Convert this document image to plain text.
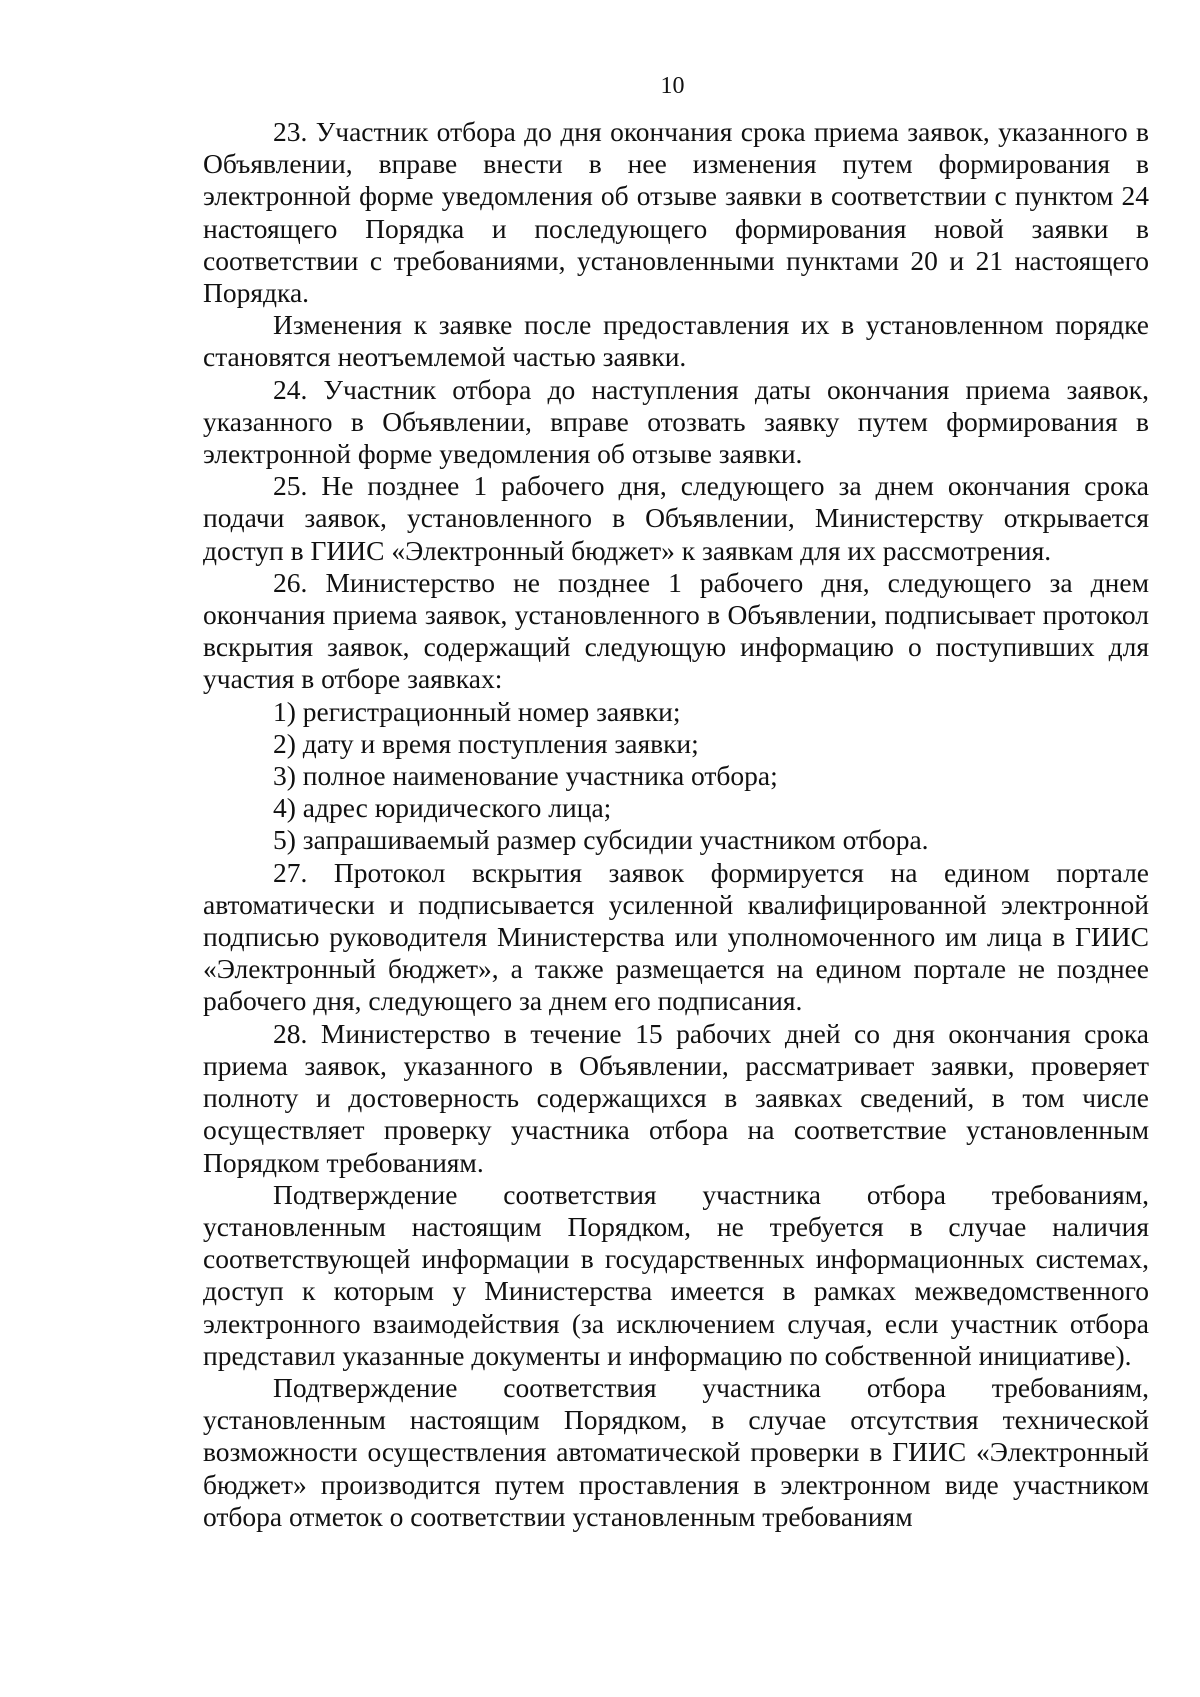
10

23. Участник отбора до дня окончания срока приема заявок, указанного в Объявлении, вправе внести в нее изменения путем формирования в электронной форме уведомления об отзыве заявки в соответствии с пунктом 24 настоящего Порядка и последующего формирования новой заявки в соответствии с требованиями, установленными пунктами 20 и 21 настоящего Порядка.

Изменения к заявке после предоставления их в установленном порядке становятся неотъемлемой частью заявки.

24. Участник отбора до наступления даты окончания приема заявок, указанного в Объявлении, вправе отозвать заявку путем формирования в электронной форме уведомления об отзыве заявки.

25. Не позднее 1 рабочего дня, следующего за днем окончания срока подачи заявок, установленного в Объявлении, Министерству открывается доступ в ГИИС «Электронный бюджет» к заявкам для их рассмотрения.

26. Министерство не позднее 1 рабочего дня, следующего за днем окончания приема заявок, установленного в Объявлении, подписывает протокол вскрытия заявок, содержащий следующую информацию о поступивших для участия в отборе заявках:

1) регистрационный номер заявки;

2) дату и время поступления заявки;

3) полное наименование участника отбора;

4) адрес юридического лица;

5) запрашиваемый размер субсидии участником отбора.

27. Протокол вскрытия заявок формируется на едином портале автоматически и подписывается усиленной квалифицированной электронной подписью руководителя Министерства или уполномоченного им лица в ГИИС «Электронный бюджет», а также размещается на едином портале не позднее рабочего дня, следующего за днем его подписания.

28. Министерство в течение 15 рабочих дней со дня окончания срока приема заявок, указанного в Объявлении, рассматривает заявки, проверяет полноту и достоверность содержащихся в заявках сведений, в том числе осуществляет проверку участника отбора на соответствие установленным Порядком требованиям.

Подтверждение соответствия участника отбора требованиям, установленным настоящим Порядком, не требуется в случае наличия соответствующей информации в государственных информационных системах, доступ к которым у Министерства имеется в рамках межведомственного электронного взаимодействия (за исключением случая, если участник отбора представил указанные документы и информацию по собственной инициативе).

Подтверждение соответствия участника отбора требованиям, установленным настоящим Порядком, в случае отсутствия технической возможности осуществления автоматической проверки в ГИИС «Электронный бюджет» производится путем проставления в электронном виде участником отбора отметок о соответствии установленным требованиям
